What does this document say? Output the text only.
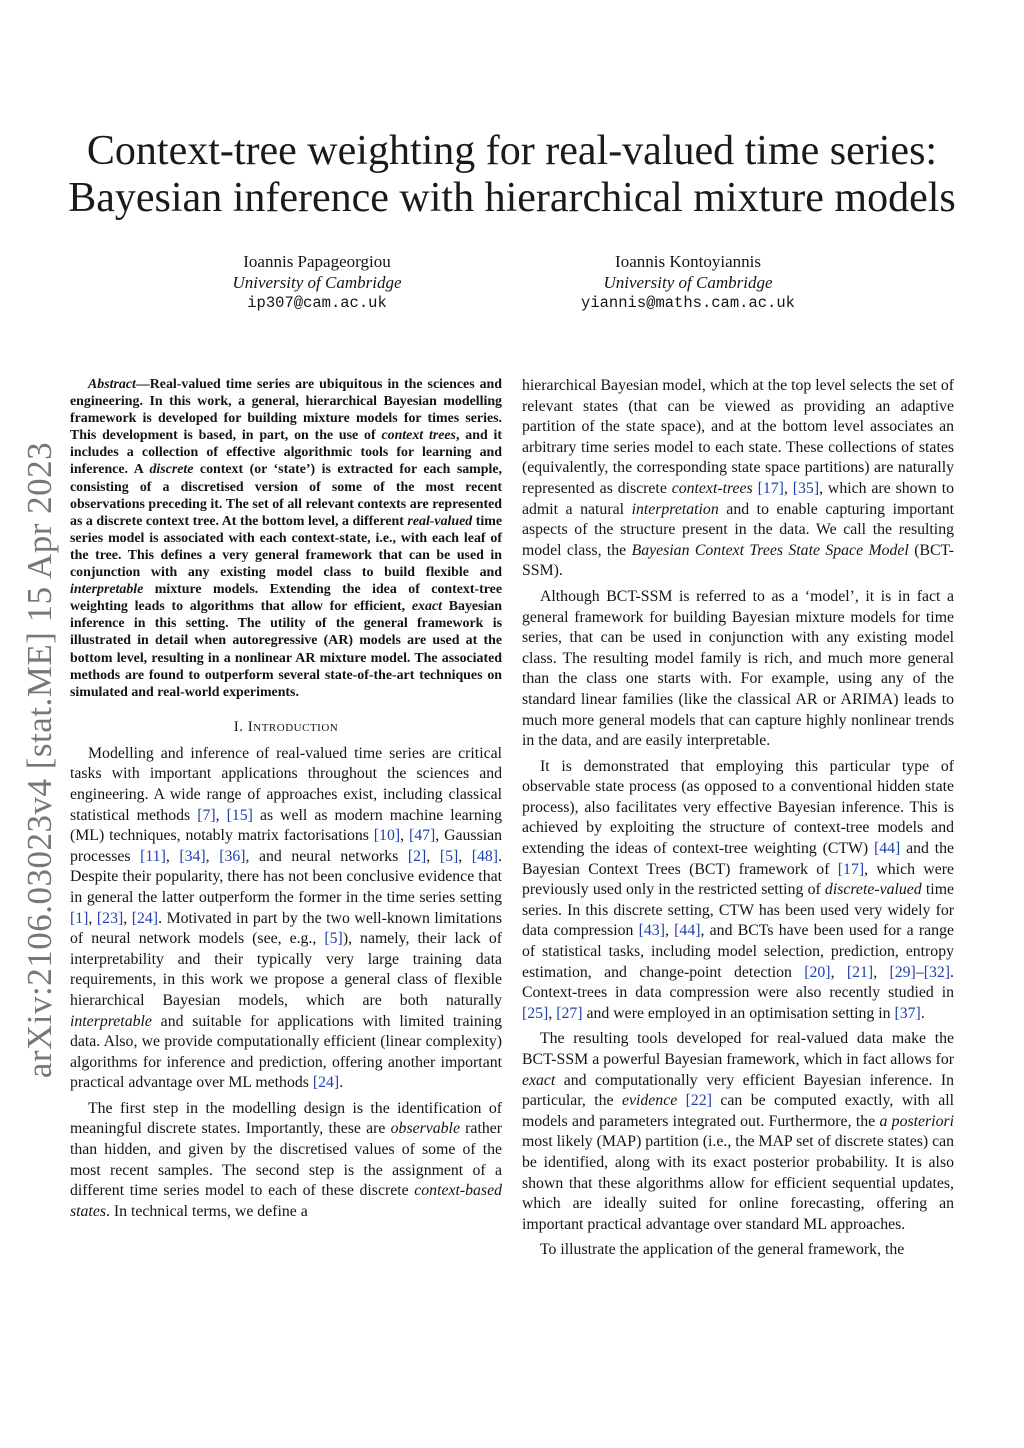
arXiv:2106.03023v4 [stat.ME] 15 Apr 2023
Context-tree weighting for real-valued time series:
Bayesian inference with hierarchical mixture models
Ioannis Papageorgiou
University of Cambridge
ip307@cam.ac.uk
Ioannis Kontoyiannis
University of Cambridge
yiannis@maths.cam.ac.uk

Abstract—Real-valued time series are ubiquitous in the sciences and engineering. In this work, a general, hierarchical Bayesian modelling framework is developed for building mixture models for times series. This development is based, in part, on the use of context trees, and it includes a collection of effective algorithmic tools for learning and inference. A discrete context (or ‘state’) is extracted for each sample, consisting of a discretised version of some of the most recent observations preceding it. The set of all relevant contexts are represented as a discrete context tree. At the bottom level, a different real-valued time series model is associated with each context-state, i.e., with each leaf of the tree. This defines a very general framework that can be used in conjunction with any existing model class to build flexible and interpretable mixture models. Extending the idea of context-tree weighting leads to algorithms that allow for efficient, exact Bayesian inference in this setting. The utility of the general framework is illustrated in detail when autoregressive (AR) models are used at the bottom level, resulting in a nonlinear AR mixture model. The associated methods are found to outperform several state-of-the-art techniques on simulated and real-world experiments.

I. Introduction

Modelling and inference of real-valued time series are critical tasks with important applications throughout the sciences and engineering. A wide range of approaches exist, including classical statistical methods [7], [15] as well as modern machine learning (ML) techniques, notably matrix factorisations [10], [47], Gaussian processes [11], [34], [36], and neural networks [2], [5], [48]. Despite their popularity, there has not been conclusive evidence that in general the latter outperform the former in the time series setting [1], [23], [24]. Motivated in part by the two well-known limitations of neural network models (see, e.g., [5]), namely, their lack of interpretability and their typically very large training data requirements, in this work we propose a general class of flexible hierarchical Bayesian models, which are both naturally interpretable and suitable for applications with limited training data. Also, we provide computationally efficient (linear complexity) algorithms for inference and prediction, offering another important practical advantage over ML methods [24].

The first step in the modelling design is the identification of meaningful discrete states. Importantly, these are observable rather than hidden, and given by the discretised values of some of the most recent samples. The second step is the assignment of a different time series model to each of these discrete context-based states. In technical terms, we define a

hierarchical Bayesian model, which at the top level selects the set of relevant states (that can be viewed as providing an adaptive partition of the state space), and at the bottom level associates an arbitrary time series model to each state. These collections of states (equivalently, the corresponding state space partitions) are naturally represented as discrete context-trees [17], [35], which are shown to admit a natural interpretation and to enable capturing important aspects of the structure present in the data. We call the resulting model class, the Bayesian Context Trees State Space Model (BCT-SSM).

Although BCT-SSM is referred to as a ‘model’, it is in fact a general framework for building Bayesian mixture models for time series, that can be used in conjunction with any existing model class. The resulting model family is rich, and much more general than the class one starts with. For example, using any of the standard linear families (like the classical AR or ARIMA) leads to much more general models that can capture highly nonlinear trends in the data, and are easily interpretable.

It is demonstrated that employing this particular type of observable state process (as opposed to a conventional hidden state process), also facilitates very effective Bayesian inference. This is achieved by exploiting the structure of context-tree models and extending the ideas of context-tree weighting (CTW) [44] and the Bayesian Context Trees (BCT) framework of [17], which were previously used only in the restricted setting of discrete-valued time series. In this discrete setting, CTW has been used very widely for data compression [43], [44], and BCTs have been used for a range of statistical tasks, including model selection, prediction, entropy estimation, and change-point detection [20], [21], [29]–[32]. Context-trees in data compression were also recently studied in [25], [27] and were employed in an optimisation setting in [37].

The resulting tools developed for real-valued data make the BCT-SSM a powerful Bayesian framework, which in fact allows for exact and computationally very efficient Bayesian inference. In particular, the evidence [22] can be computed exactly, with all models and parameters integrated out. Furthermore, the a posteriori most likely (MAP) partition (i.e., the MAP set of discrete states) can be identified, along with its exact posterior probability. It is also shown that these algorithms allow for efficient sequential updates, which are ideally suited for online forecasting, offering an important practical advantage over standard ML approaches.

To illustrate the application of the general framework, the
